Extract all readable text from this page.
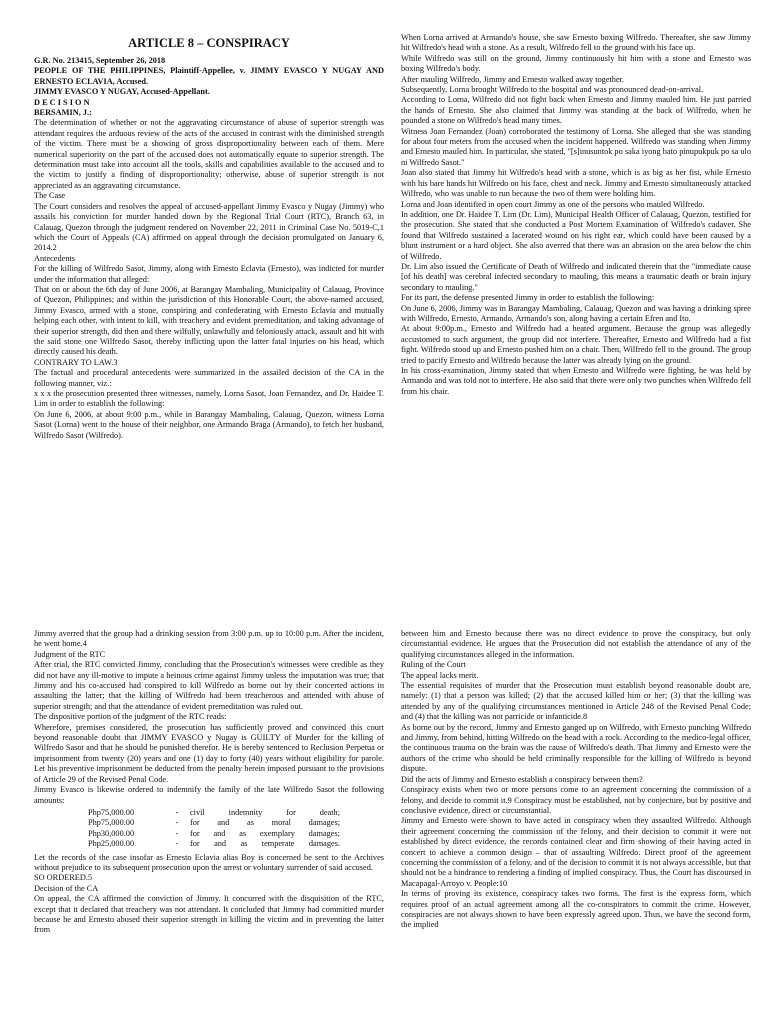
ARTICLE 8 – CONSPIRACY

G.R. No. 213415, September 26, 2018

PEOPLE OF THE PHILIPPINES, Plaintiff-Appellee, v. JIMMY EVASCO Y NUGAY AND ERNESTO ECLAVIA, Accused.

JIMMY EVASCO Y NUGAY, Accused-Appellant.

D E C I S I O N

BERSAMIN, J.:

The determination of whether or not the aggravating circumstance of abuse of superior strength was attendant requires the arduous review of the acts of the accused in contrast with the diminished strength of the victim. There must be a showing of gross disproportionality between each of them. Mere numerical superiority on the part of the accused does not automatically equate to superior strength. The determination must take into account all the tools, skills and capabilities available to the accused and to the victim to justify a finding of disproportionality; otherwise, abuse of superior strength is not appreciated as an aggravating circumstance.

The Case

The Court considers and resolves the appeal of accused-appellant Jimmy Evasco y Nugay (Jimmy) who assails his conviction for murder handed down by the Regional Trial Court (RTC), Branch 63, in Calauag, Quezon through the judgment rendered on November 22, 2011 in Criminal Case No. 5019-C,1 which the Court of Appeals (CA) affirmed on appeal through the decision promulgated on January 6, 2014.2

Antecedents

For the killing of Wilfredo Sasot, Jimmy, along with Ernesto Eclavia (Ernesto), was indicted for murder under the information that alleged:

That on or about the 6th day of June 2006, at Barangay Mambaling, Municipality of Calauag, Province of Quezon, Philippines; and within the jurisdiction of this Honorable Court, the above-named accused, Jimmy Evasco, armed with a stone, conspiring and confederating with Ernesto Eclavia and mutually helping each other, with intent to kill, with treachery and evident premeditation, and taking advantage of their superior strength, did then and there wilfully, unlawfully and feloniously attack, assault and hit with the said stone one Wilfredo Sasot, thereby inflicting upon the latter fatal injuries on his head, which directly caused his death.

CONTRARY TO LAW.3

The factual and procedural antecedents were summarized in the assailed decision of the CA in the following manner, viz.:

x x x the prosecution presented three witnesses, namely, Lorna Sasot, Joan Fernandez, and Dr. Haidee T. Lim in order to establish the following:

On June 6, 2006, at about 9:00 p.m., while in Barangay Mambaling, Calauag, Quezon, witness Lorna Sasot (Lorna) went to the house of their neighbor, one Armando Braga (Armando), to fetch her husband, Wilfredo Sasot (Wilfredo).

When Lorna arrived at Armando's house, she saw Ernesto boxing Wilfredo. Thereafter, she saw Jimmy hit Wilfredo's head with a stone. As a result, Wilfredo fell to the ground with his face up.

While Wilfredo was still on the ground, Jimmy continuously hit him with a stone and Ernesto was boxing Wilfredo's body.

After mauling Wilfredo, Jimmy and Ernesto walked away together.

Subsequently, Lorna brought Wilfredo to the hospital and was pronounced dead-on-arrival.

According to Lorna, Wilfredo did not fight back when Ernesto and Jimmy mauled him. He just parried the hands of Ernesto. She also claimed that Jimmy was standing at the back of Wilfredo, when he pounded a stone on Wilfredo's head many times.

Witness Joan Fernandez (Joan) corroborated the testimony of Lorna. She alleged that she was standing for about four meters from the accused when the incident happened. Wilfredo was standing when Jimmy and Ernesto mauled him. In particular, she stated, "[s]inusuntok po saka iyong bato pinupukpuk po sa ulo ni Wilfredo Sasot."

Joan also stated that Jimmy hit Wilfredo's head with a stone, which is as big as her fist, while Ernesto with his bare hands hit Wilfredo on his face, chest and neck. Jimmy and Ernesto simultaneously attacked Wilfredo, who was unable to run because the two of them were holding him.

Lorna and Joan identified in open court Jimmy as one of the persons who mauled Wilfredo.

In addition, one Dr. Haidee T. Lim (Dr. Lim), Municipal Health Officer of Calauag, Quezon, testified for the prosecution. She stated that she conducted a Post Mortem Examination of Wilfredo's cadaver. She found that Wilfredo sustained a lacerated wound on his right ear, which could have been caused by a blunt instrument or a hard object. She also averred that there was an abrasion on the area below the chin of Wilfredo.

Dr. Lim also issued the Certificate of Death of Wilfredo and indicated therein that the "immediate cause [of his death] was cerebral infected secondary to mauling, this means a traumatic death or brain injury secondary to mauling."

For its part, the defense presented Jimmy in order to establish the following:

On June 6, 2006, Jimmy was in Barangay Mambaling, Calauag, Quezon and was having a drinking spree with Wilfredo, Ernesto, Armando, Armando's son, along having a certain Efren and Ito.

At about 9:00p.m., Ernesto and Wilfredo had a heated argument. Because the group was allegedly accustomed to such argument, the group did not interfere. Thereafter, Ernesto and Wilfredo had a fist fight. Wilfredo stood up and Ernesto pushed him on a chair. Then, Wilfredo fell to the ground. The group tried to pacify Ernesto and Wilfredo because the latter was already lying on the ground.

In his cross-examination, Jimmy stated that when Ernesto and Wilfredo were fighting, he was held by Armando and was told not to interfere. He also said that there were only two punches when Wilfredo fell from his chair.

Jimmy averred that the group had a drinking session from 3:00 p.m. up to 10:00 p.m. After the incident, he went home.4

Judgment of the RTC

After trial, the RTC convicted Jimmy, concluding that the Prosecution's witnesses were credible as they did not have any ill-motive to impute a heinous crime against Jimmy unless the imputation was true; that Jimmy and his co-accused had conspired to kill Wilfredo as borne out by their concerted actions in assaulting the latter; that the killing of Wilfredo had been treacherous and attended with abuse of superior strength; and that the attendance of evident premeditation was ruled out.

The dispositive portion of the judgment of the RTC reads:

Wherefore, premises considered, the prosecution has sufficiently proved and convinced this court beyond reasonable doubt that JIMMY EVASCO y Nugay is GUILTY of Murder for the killing of Wilfredo Sasot and that he should be punished therefor. He is hereby sentenced to Reclusion Perpetua or imprisonment from twenty (20) years and one (1) day to forty (40) years without eligibility for parole. Let his preventive imprisonment be deducted from the penalty herein imposed pursuant to the provisions of Article 29 of the Revised Penal Code.

Jimmy Evasco is likewise ordered to indemnify the family of the late Wilfredo Sasot the following amounts:

Php75,000.00	-	civil indemnity for death;
Php75,000.00	-	for and as moral damages;
Php30,000.00	-	for and as exemplary damages;
Php25,000.00	-	for and as temperate damages.

Let the records of the case insofar as Ernesto Eclavia alias Boy is concerned be sent to the Archives without prejudice to its subsequent prosecution upon the arrest or voluntary surrender of said accused.

SO ORDERED.5

Decision of the CA

On appeal, the CA affirmed the conviction of Jimmy. It concurred with the disquisition of the RTC, except that it declared that treachery was not attendant. It concluded that Jimmy had committed murder because he and Ernesto abused their superior strength in killing the victim and in preventing the latter from

between him and Ernesto because there was no direct evidence to prove the conspiracy, but only circumstantial evidence. He argues that the Prosecution did not establish the attendance of any of the qualifying circumstances alleged in the information.

Ruling of the Court

The appeal lacks merit.

The essential requisites of murder that the Prosecution must establish beyond reasonable doubt are, namely: (1) that a person was killed; (2) that the accused killed him or her; (3) that the killing was attended by any of the qualifying circumstances mentioned in Article 248 of the Revised Penal Code; and (4) that the killing was not parricide or infanticide.8

As borne out by the record, Jimmy and Ernesto ganged up on Wilfredo, with Ernesto punching Wilfredo and Jimmy, from behind, hitting Wilfredo on the head with a rock. According to the medico-legal officer, the continuous trauma on the brain was the cause of Wilfredo's death. That Jimmy and Ernesto were the authors of the crime who should be held criminally responsible for the killing of Wilfredo is beyond dispute.

Did the acts of Jimmy and Ernesto establish a conspiracy between them?

Conspiracy exists when two or more persons come to an agreement concerning the commission of a felony, and decide to commit it.9 Conspiracy must be established, not by conjecture, but by positive and conclusive evidence, direct or circumstantial.

Jimmy and Ernesto were shown to have acted in conspiracy when they assaulted Wilfredo. Although their agreement concerning the commission of the felony, and their decision to commit it were not established by direct evidence, the records contained clear and firm showing of their having acted in concert to achieve a common design – that of assaulting Wilfredo. Direct proof of the agreement concerning the commission of a felony, and of the decision to commit it is not always accessible, but that should not be a hindrance to rendering a finding of implied conspiracy. Thus, the Court has discoursed in Macapagal-Arroyo v. People:10

In terms of proving its existence, conspiracy takes two forms. The first is the express form, which requires proof of an actual agreement among all the co-conspirators to commit the crime. However, conspiracies are not always shown to have been expressly agreed upon. Thus, we have the second form, the implied
